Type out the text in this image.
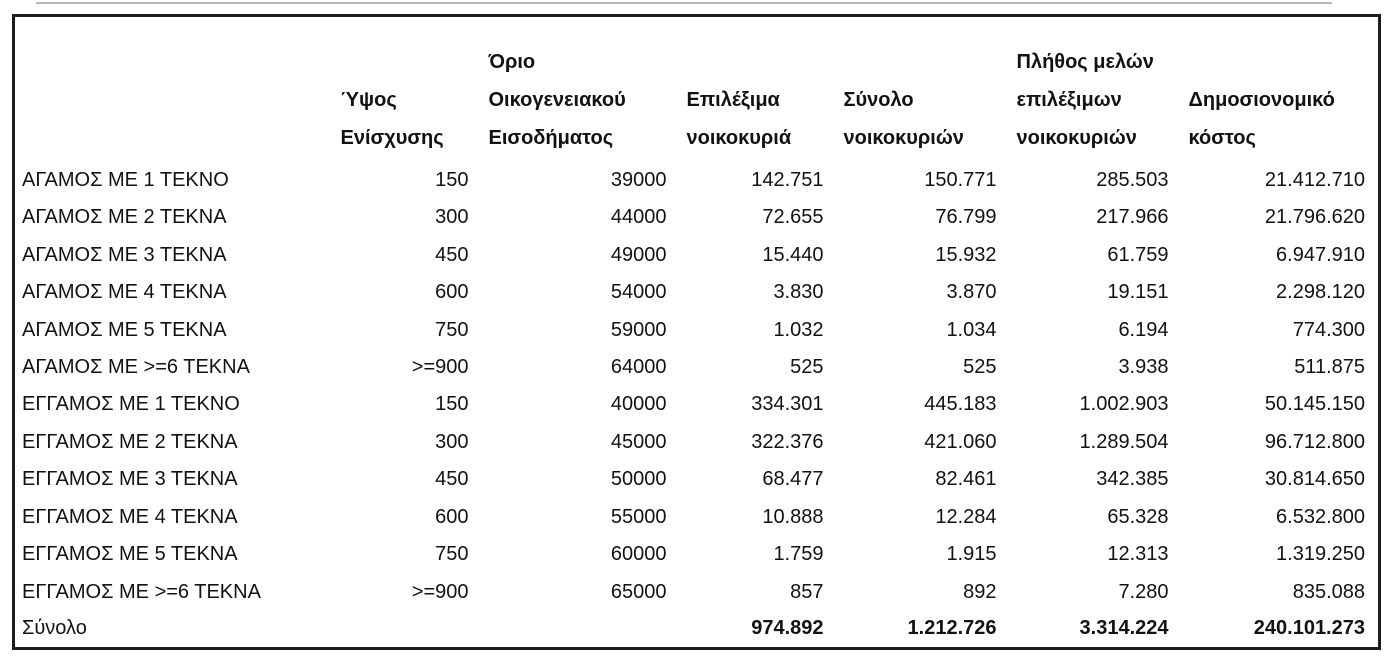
	Ύψος Ενίσχυσης	Όριο Οικογενειακού Εισοδήματος	Επιλέξιμα νοικοκυριά	Σύνολο νοικοκυριών	Πλήθος μελών επιλέξιμων νοικοκυριών	Δημοσιονομικό κόστος
ΑΓΑΜΟΣ ΜΕ 1 ΤΕΚΝΟ	150	39000	142.751	150.771	285.503	21.412.710
ΑΓΑΜΟΣ ΜΕ 2 ΤΕΚΝΑ	300	44000	72.655	76.799	217.966	21.796.620
ΑΓΑΜΟΣ ΜΕ 3 ΤΕΚΝΑ	450	49000	15.440	15.932	61.759	6.947.910
ΑΓΑΜΟΣ ΜΕ 4 ΤΕΚΝΑ	600	54000	3.830	3.870	19.151	2.298.120
ΑΓΑΜΟΣ ΜΕ 5 ΤΕΚΝΑ	750	59000	1.032	1.034	6.194	774.300
ΑΓΑΜΟΣ ΜΕ >=6 ΤΕΚΝΑ	>=900	64000	525	525	3.938	511.875
ΕΓΓΑΜΟΣ ΜΕ 1 ΤΕΚΝΟ	150	40000	334.301	445.183	1.002.903	50.145.150
ΕΓΓΑΜΟΣ ΜΕ 2 ΤΕΚΝΑ	300	45000	322.376	421.060	1.289.504	96.712.800
ΕΓΓΑΜΟΣ ΜΕ 3 ΤΕΚΝΑ	450	50000	68.477	82.461	342.385	30.814.650
ΕΓΓΑΜΟΣ ΜΕ 4 ΤΕΚΝΑ	600	55000	10.888	12.284	65.328	6.532.800
ΕΓΓΑΜΟΣ ΜΕ 5 ΤΕΚΝΑ	750	60000	1.759	1.915	12.313	1.319.250
ΕΓΓΑΜΟΣ ΜΕ >=6 ΤΕΚΝΑ	>=900	65000	857	892	7.280	835.088
Σύνολο			974.892	1.212.726	3.314.224	240.101.273
